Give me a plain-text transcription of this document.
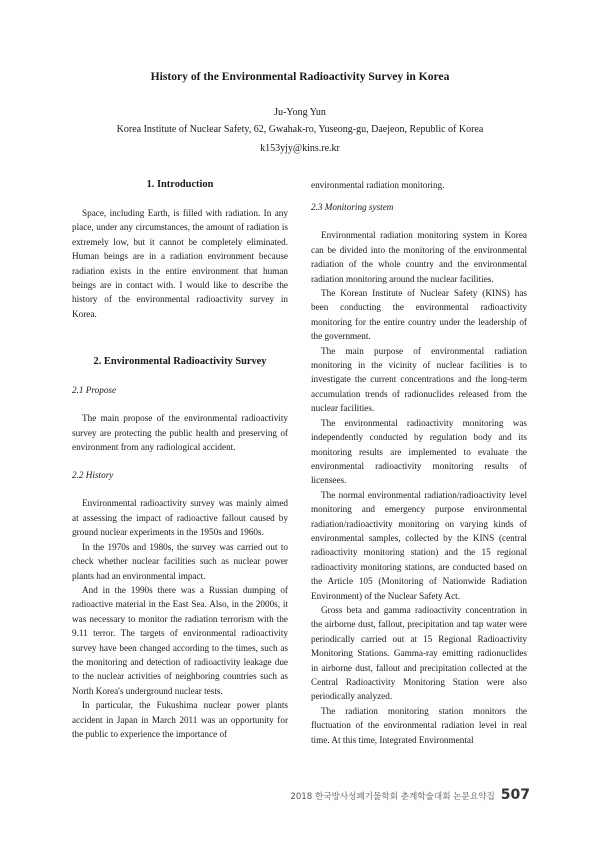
History of the Environmental Radioactivity Survey in Korea
Ju-Yong Yun
Korea Institute of Nuclear Safety, 62, Gwahak-ro, Yuseong-gu, Daejeon, Republic of Korea
k153yjy@kins.re.kr
1. Introduction

Space, including Earth, is filled with radiation. In any place, under any circumstances, the amount of radiation is extremely low, but it cannot be completely eliminated. Human beings are in a radiation environment because radiation exists in the entire environment that human beings are in contact with. I would like to describe the history of the environmental radioactivity survey in Korea.

2. Environmental Radioactivity Survey
2.1 Propose

The main propose of the environmental radioactivity survey are protecting the public health and preserving of environment from any radiological accident.

2.2 History

Environmental radioactivity survey was mainly aimed at assessing the impact of radioactive fallout caused by ground nuclear experiments in the 1950s and 1960s.

In the 1970s and 1980s, the survey was carried out to check whether nuclear facilities such as nuclear power plants had an environmental impact.

And in the 1990s there was a Russian dumping of radioactive material in the East Sea. Also, in the 2000s, it was necessary to monitor the radiation terrorism with the 9.11 terror. The targets of environmental radioactivity survey have been changed according to the times, such as the monitoring and detection of radioactivity leakage due to the nuclear activities of neighboring countries such as North Korea's underground nuclear tests.

In particular, the Fukushima nuclear power plants accident in Japan in March 2011 was an opportunity for the public to experience the importance of

environmental radiation monitoring.

2.3 Monitoring system

Environmental radiation monitoring system in Korea can be divided into the monitoring of the environmental radiation of the whole country and the environmental radiation monitoring around the nuclear facilities.

The Korean Institute of Nuclear Safety (KINS) has been conducting the environmental radioactivity monitoring for the entire country under the leadership of the government.

The main purpose of environmental radiation monitoring in the vicinity of nuclear facilities is to investigate the current concentrations and the long-term accumulation trends of radionuclides released from the nuclear facilities.

The environmental radioactivity monitoring was independently conducted by regulation body and its monitoring results are implemented to evaluate the environmental radioactivity monitoring results of licensees.

The normal environmental radiation/radioactivity level monitoring and emergency purpose environmental radiation/radioactivity monitoring on varying kinds of environmental samples, collected by the KINS (central radioactivity monitoring station) and the 15 regional radioactivity monitoring stations, are conducted based on the Article 105 (Monitoring of Nationwide Radiation Environment) of the Nuclear Safety Act.

Gross beta and gamma radioactivity concentration in the airborne dust, fallout, precipitation and tap water were periodically carried out at 15 Regional Radioactivity Monitoring Stations. Gamma-ray emitting radionuclides in airborne dust, fallout and precipitation collected at the Central Radioactivity Monitoring Station were also periodically analyzed.

The radiation monitoring station monitors the fluctuation of the environmental radiation level in real time. At this time, Integrated Environmental

2018 한국방사성폐기물학회 춘계학술대회 논문요약집 507
